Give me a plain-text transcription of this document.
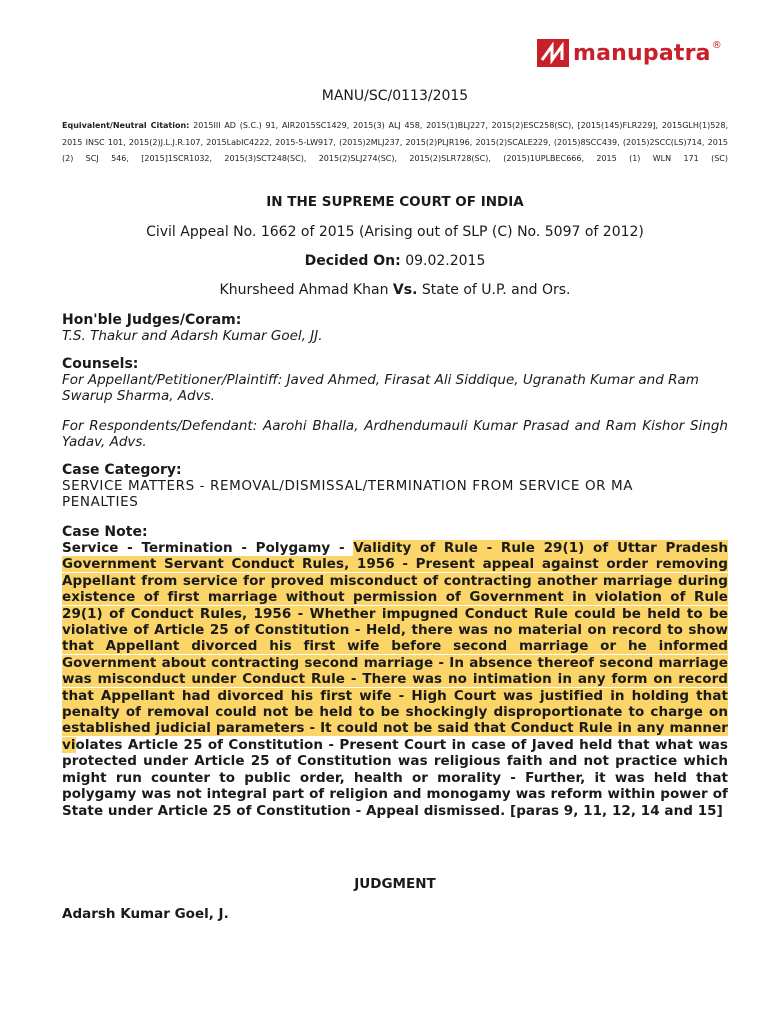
manupatra ®
MANU/SC/0113/2015
Equivalent/Neutral Citation: 2015III AD (S.C.) 91, AIR2015SC1429, 2015(3) ALJ 458, 2015(1)BLJ227, 2015(2)ESC258(SC), [2015(145)FLR229], 2015GLH(1)528, 2015 INSC 101, 2015(2)J.L.J.R.107, 2015LabIC4222, 2015-5-LW917, (2015)2MLJ237, 2015(2)PLJR196, 2015(2)SCALE229, (2015)8SCC439, (2015)2SCC(LS)714, 2015 (2) SCJ 546, [2015]1SCR1032, 2015(3)SCT248(SC), 2015(2)SLJ274(SC), 2015(2)SLR728(SC), (2015)1UPLBEC666, 2015 (1) WLN 171 (SC)
IN THE SUPREME COURT OF INDIA
Civil Appeal No. 1662 of 2015 (Arising out of SLP (C) No. 5097 of 2012)
Decided On: 09.02.2015
Khursheed Ahmad Khan Vs. State of U.P. and Ors.
Hon'ble Judges/Coram:
T.S. Thakur and Adarsh Kumar Goel, JJ.
Counsels:
For Appellant/Petitioner/Plaintiff: Javed Ahmed, Firasat Ali Siddique, Ugranath Kumar and Ram Swarup Sharma, Advs.
For Respondents/Defendant: Aarohi Bhalla, Ardhendumauli Kumar Prasad and Ram Kishor Singh Yadav, Advs.
Case Category:
SERVICE MATTERS - REMOVAL/DISMISSAL/TERMINATION FROM SERVICE OR MA
PENALTIES
Case Note:
Service - Termination - Polygamy - Validity of Rule - Rule 29(1) of Uttar Pradesh Government Servant Conduct Rules, 1956 - Present appeal against order removing Appellant from service for proved misconduct of contracting another marriage during existence of first marriage without permission of Government in violation of Rule 29(1) of Conduct Rules, 1956 - Whether impugned Conduct Rule could be held to be violative of Article 25 of Constitution - Held, there was no material on record to show that Appellant divorced his first wife before second marriage or he informed Government about contracting second marriage - In absence thereof second marriage was misconduct under Conduct Rule - There was no intimation in any form on record that Appellant had divorced his first wife - High Court was justified in holding that penalty of removal could not be held to be shockingly disproportionate to charge on established judicial parameters - It could not be said that Conduct Rule in any manner violates Article 25 of Constitution - Present Court in case of Javed held that what was protected under Article 25 of Constitution was religious faith and not practice which might run counter to public order, health or morality - Further, it was held that polygamy was not integral part of religion and monogamy was reform within power of State under Article 25 of Constitution - Appeal dismissed. [paras 9, 11, 12, 14 and 15]
JUDGMENT
Adarsh Kumar Goel, J.
